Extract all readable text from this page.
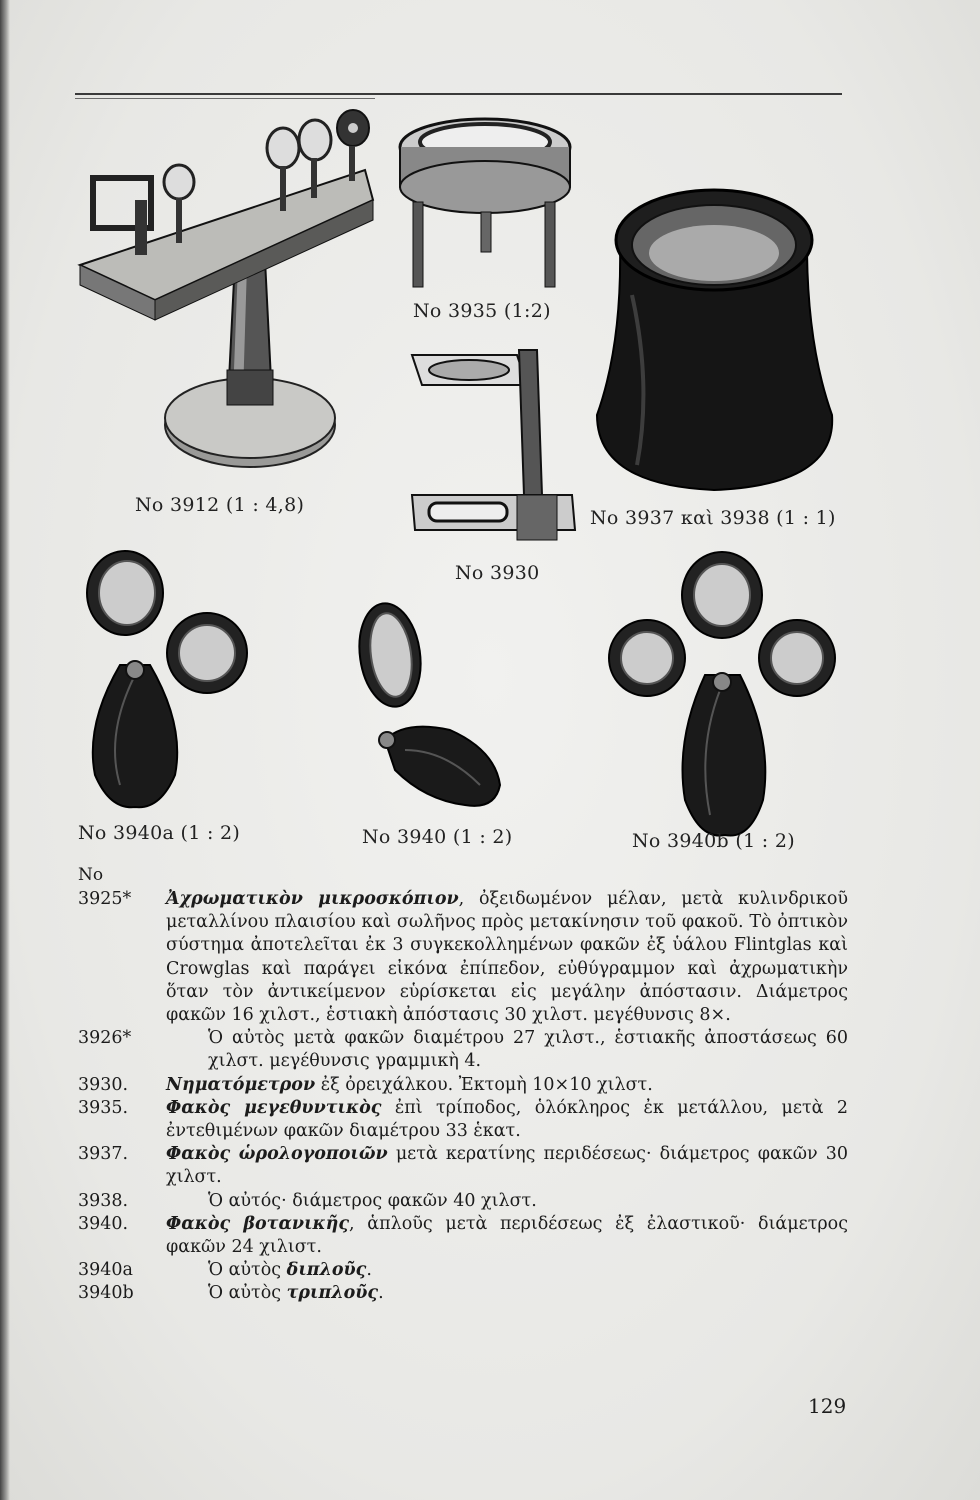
No 3912 (1 : 4,8)
No 3935 (1:2)
No 3937 καὶ 3938 (1 : 1)
No 3930
No 3940a (1 : 2)	No 3940 (1 : 2)	No 3940b (1 : 2)
No
3925* Ἀχρωματικὸν μικροσκόπιον, ὀξειδωμένον μέλαν, μετὰ κυλινδρικοῦ μεταλλίνου πλαισίου καὶ σωλῆνος πρὸς μετακίνησιν τοῦ φακοῦ. Τὸ ὀπτικὸν σύστημα ἀποτελεῖται ἐκ 3 συγκεκολλημένων φακῶν ἐξ ὑάλου Flintglas καὶ Crowglas καὶ παράγει εἰκόνα ἐπίπεδον, εὐθύγραμμον καὶ ἀχρωματικὴν ὅταν τὸν ἀντικείμενον εὑρίσκεται εἰς μεγάλην ἀπόστασιν. Διάμετρος φακῶν 16 χιλστ., ἑστιακὴ ἀπόστασις 30 χιλστ. μεγέθυνσις 8×.
3926*	Ὁ αὐτὸς μετὰ φακῶν διαμέτρου 27 χιλστ., ἑστιακῆς ἀποστάσεως 60 χιλστ. μεγέθυνσις γραμμικὴ 4.
3930. Νηματόμετρον ἐξ ὀρειχάλκου. Ἐκτομὴ 10×10 χιλστ.
3935. Φακὸς μεγεθυντικὸς ἐπὶ τρίποδος, ὁλόκληρος ἐκ μετάλλου, μετὰ 2 ἐντεθιμένων φακῶν διαμέτρου 33 ἑκατ.
3937. Φακὸς ὡρολογοποιῶν μετὰ κερατίνης περιδέσεως· διάμετρος φακῶν 30 χιλστ.
3938.	Ὁ αὐτός· διάμετρος φακῶν 40 χιλστ.
3940. Φακὸς βοτανικῆς, ἁπλοῦς μετὰ περιδέσεως ἐξ ἐλαστικοῦ· διάμετρος φακῶν 24 χιλιστ.
3940a	Ὁ αὐτὸς διπλοῦς.
3940b	Ὁ αὐτὸς τριπλοῦς.
129
